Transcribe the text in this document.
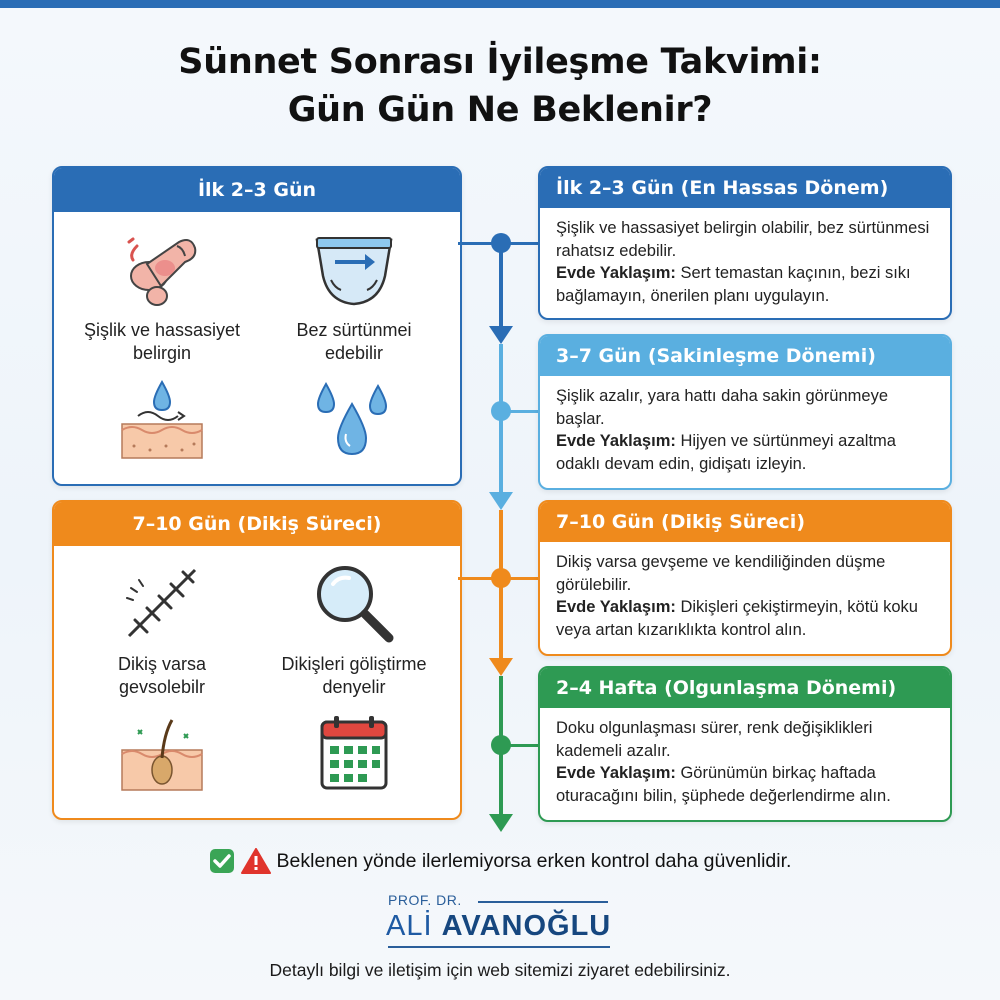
Sünnet Sonrası İyileşme Takvimi:
Gün Gün Ne Beklenir?
İlk 2–3 Gün
Şişlik ve hassasiyet
belirgin
Bez sürtünmei
edebilir
7–10 Gün (Dikiş Süreci)
Dikiş varsa
gevsolebilr
Dikişleri göliştirme
denyelir
İlk 2–3 Gün (En Hassas Dönem)
Şişlik ve hassasiyet belirgin olabilir, bez sürtünmesi rahatsız edebilir.
Evde Yaklaşım: Sert temastan kaçının, bezi sıkı bağlamayın, önerilen planı uygulayın.
3–7 Gün (Sakinleşme Dönemi)
Şişlik azalır, yara hattı daha sakin görünmeye başlar.
Evde Yaklaşım: Hijyen ve sürtünmeyi azaltma odaklı devam edin, gidişatı izleyin.
7–10 Gün (Dikiş Süreci)
Dikiş varsa gevşeme ve kendiliğinden düşme görülebilir.
Evde Yaklaşım: Dikişleri çekiştirmeyin, kötü koku veya artan kızarıklıkta kontrol alın.
2–4 Hafta (Olgunlaşma Dönemi)
Doku olgunlaşması sürer, renk değişiklikleri kademeli azalır.
Evde Yaklaşım: Görünümün birkaç haftada oturacağını bilin, şüphede değerlendirme alın.
Beklenen yönde ilerlemiyorsa erken kontrol daha güvenlidir.
PROF. DR.
ALİ AVANOĞLU
Detaylı bilgi ve iletişim için web sitemizi ziyaret edebilirsiniz.
